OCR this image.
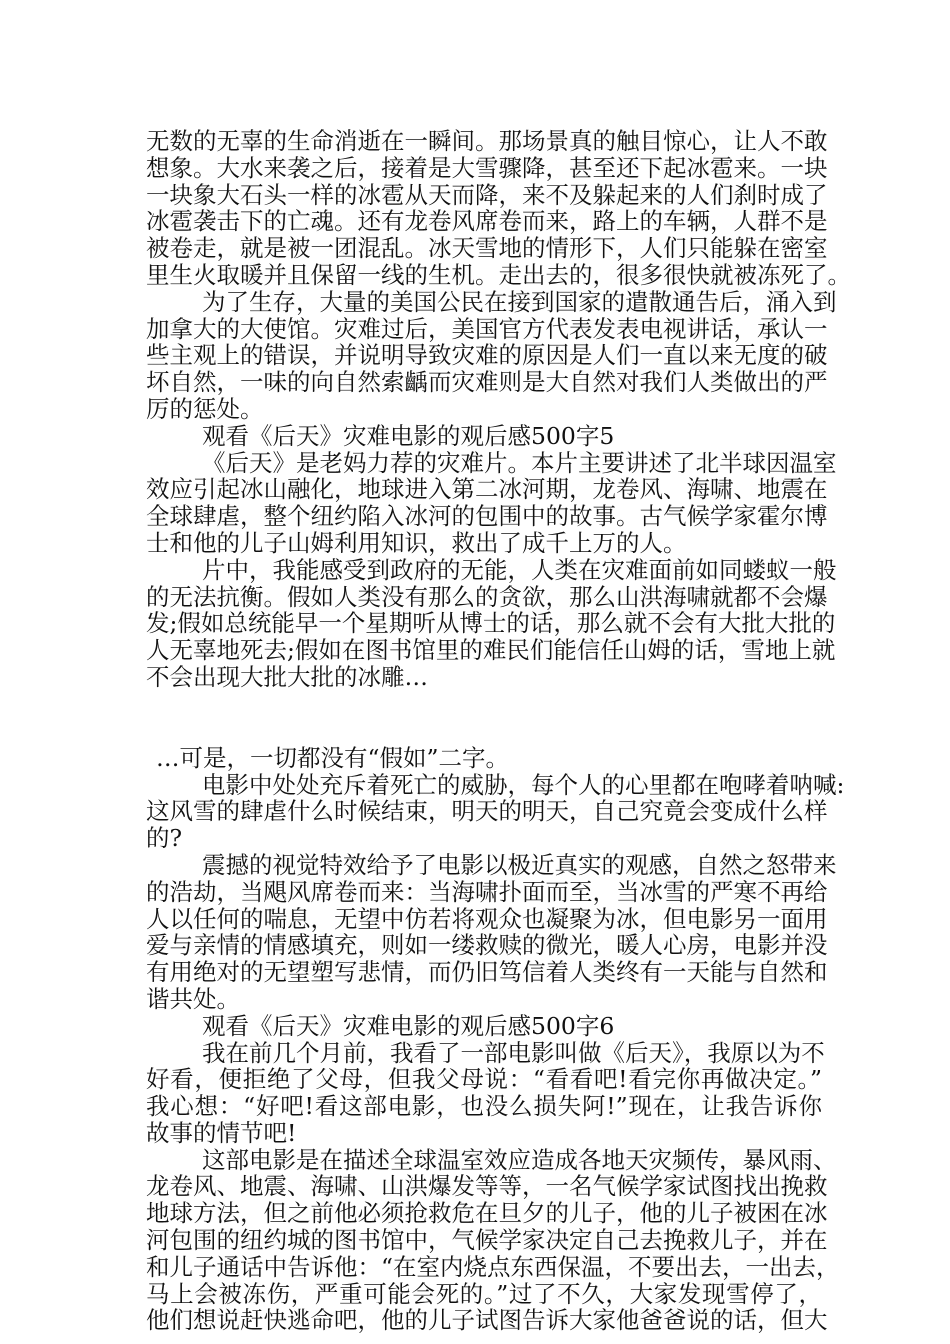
无数的无辜的生命消逝在一瞬间。那场景真的触目惊心，让人不敢
想象。大水来袭之后，接着是大雪骤降，甚至还下起冰雹来。一块
一块象大石头一样的冰雹从天而降，来不及躲起来的人们刹时成了
冰雹袭击下的亡魂。还有龙卷风席卷而来，路上的车辆，人群不是
被卷走，就是被一团混乱。冰天雪地的情形下，人们只能躲在密室
里生火取暖并且保留一线的生机。走出去的，很多很快就被冻死了。
为了生存，大量的美国公民在接到国家的遣散通告后，涌入到
加拿大的大使馆。灾难过后，美国官方代表发表电视讲话，承认一
些主观上的错误，并说明导致灾难的原因是人们一直以来无度的破
坏自然，一味的向自然索齲而灾难则是大自然对我们人类做出的严
厉的惩处。
观看《后天》灾难电影的观后感500字5
《后天》是老妈力荐的灾难片。本片主要讲述了北半球因温室
效应引起冰山融化，地球进入第二冰河期，龙卷风、海啸、地震在
全球肆虐，整个纽约陷入冰河的包围中的故事。古气候学家霍尔博
士和他的儿子山姆利用知识，救出了成千上万的人。
片中，我能感受到政府的无能，人类在灾难面前如同蝼蚁一般
的无法抗衡。假如人类没有那么的贪欲，那么山洪海啸就都不会爆
发;假如总统能早一个星期听从博士的话，那么就不会有大批大批的
人无辜地死去;假如在图书馆里的难民们能信任山姆的话，雪地上就
不会出现大批大批的冰雕…
…可是，一切都没有“假如”二字。
电影中处处充斥着死亡的威胁，每个人的心里都在咆哮着呐喊:
这风雪的肆虐什么时候结束，明天的明天，自己究竟会变成什么样
的?
震撼的视觉特效给予了电影以极近真实的观感，自然之怒带来
的浩劫，当飓风席卷而来：当海啸扑面而至，当冰雪的严寒不再给
人以任何的喘息，无望中仿若将观众也凝聚为冰，但电影另一面用
爱与亲情的情感填充，则如一缕救赎的微光，暖人心房，电影并没
有用绝对的无望塑写悲情，而仍旧笃信着人类终有一天能与自然和
谐共处。
观看《后天》灾难电影的观后感500字6
我在前几个月前，我看了一部电影叫做《后天》，我原以为不
好看，便拒绝了父母，但我父母说：“看看吧!看完你再做决定。”
我心想：“好吧!看这部电影，也没么损失阿!”现在，让我告诉你
故事的情节吧!
这部电影是在描述全球温室效应造成各地天灾频传，暴风雨、
龙卷风、地震、海啸、山洪爆发等等，一名气候学家试图找出挽救
地球方法，但之前他必须抢救危在旦夕的儿子，他的儿子被困在冰
河包围的纽约城的图书馆中，气候学家决定自己去挽救儿子，并在
和儿子通话中告诉他：“在室内烧点东西保温，不要出去，一出去，
马上会被冻伤，严重可能会死的。”过了不久，大家发现雪停了，
他们想说赶快逃命吧，他的儿子试图告诉大家他爸爸说的话，但大
